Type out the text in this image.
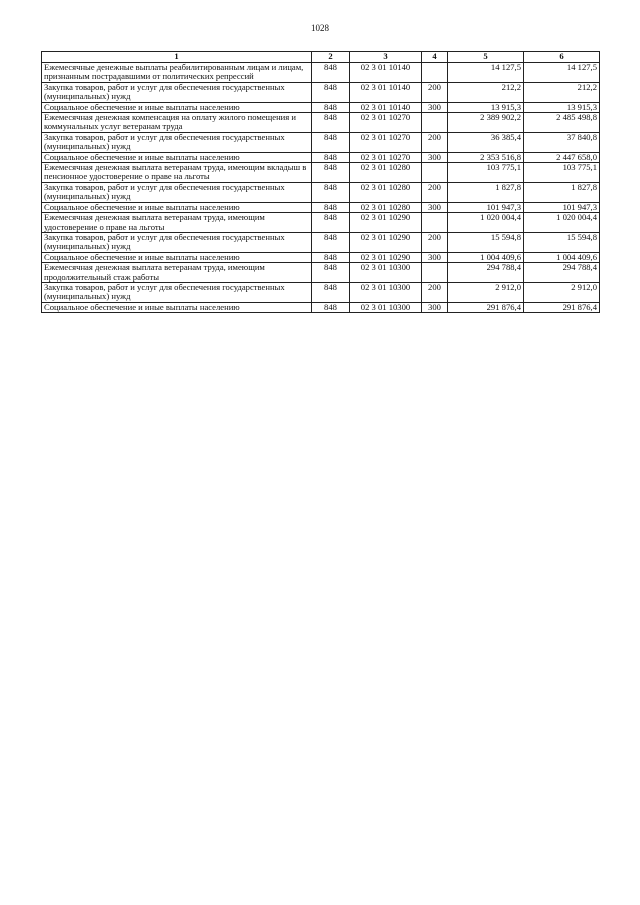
1028
1	2	3	4	5	6
Ежемесячные денежные выплаты реабилитированным лицам и лицам, признанным пострадавшими от политических репрессий	848	02 3 01 10140		14 127,5	14 127,5
Закупка товаров, работ и услуг для обеспечения государственных (муниципальных) нужд	848	02 3 01 10140	200	212,2	212,2
Социальное обеспечение и иные выплаты населению	848	02 3 01 10140	300	13 915,3	13 915,3
Ежемесячная денежная компенсация на оплату жилого помещения и коммунальных услуг ветеранам труда	848	02 3 01 10270		2 389 902,2	2 485 498,8
Закупка товаров, работ и услуг для обеспечения государственных (муниципальных) нужд	848	02 3 01 10270	200	36 385,4	37 840,8
Социальное обеспечение и иные выплаты населению	848	02 3 01 10270	300	2 353 516,8	2 447 658,0
Ежемесячная денежная выплата ветеранам труда, имеющим вкладыш в пенсионное удостоверение о праве на льготы	848	02 3 01 10280		103 775,1	103 775,1
Закупка товаров, работ и услуг для обеспечения государственных (муниципальных) нужд	848	02 3 01 10280	200	1 827,8	1 827,8
Социальное обеспечение и иные выплаты населению	848	02 3 01 10280	300	101 947,3	101 947,3
Ежемесячная денежная выплата ветеранам труда, имеющим удостоверение о праве на льготы	848	02 3 01 10290		1 020 004,4	1 020 004,4
Закупка товаров, работ и услуг для обеспечения государственных (муниципальных) нужд	848	02 3 01 10290	200	15 594,8	15 594,8
Социальное обеспечение и иные выплаты населению	848	02 3 01 10290	300	1 004 409,6	1 004 409,6
Ежемесячная денежная выплата ветеранам труда, имеющим продолжительный стаж работы	848	02 3 01 10300		294 788,4	294 788,4
Закупка товаров, работ и услуг для обеспечения государственных (муниципальных) нужд	848	02 3 01 10300	200	2 912,0	2 912,0
Социальное обеспечение и иные выплаты населению	848	02 3 01 10300	300	291 876,4	291 876,4
